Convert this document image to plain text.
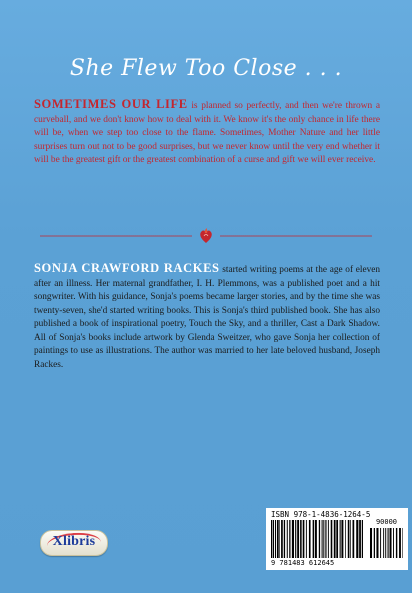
She Flew Too Close . . .

SOMETIMES OUR LIFE is planned so perfectly, and then we're thrown a curveball, and we don't know how to deal with it. We know it's the only chance in life there will be, when we step too close to the flame. Sometimes, Mother Nature and her little surprises turn out not to be good surprises, but we never know until the very end whether it will be the greatest gift or the greatest combination of a curse and gift we will ever receive.

SONJA CRAWFORD RACKES started writing poems at the age of eleven after an illness. Her maternal grandfather, I. H. Plemmons, was a published poet and a hit songwriter. With his guidance, Sonja's poems became larger stories, and by the time she was twenty-seven, she'd started writing books. This is Sonja's third published book. She has also published a book of inspirational poetry, Touch the Sky, and a thriller, Cast a Dark Shadow. All of Sonja's books include artwork by Glenda Sweitzer, who gave Sonja her collection of paintings to use as illustrations. The author was married to her late beloved husband, Joseph Rackes.

ISBN 978-1-4836-1264-5
90000
9 781483 612645
Xlibris
